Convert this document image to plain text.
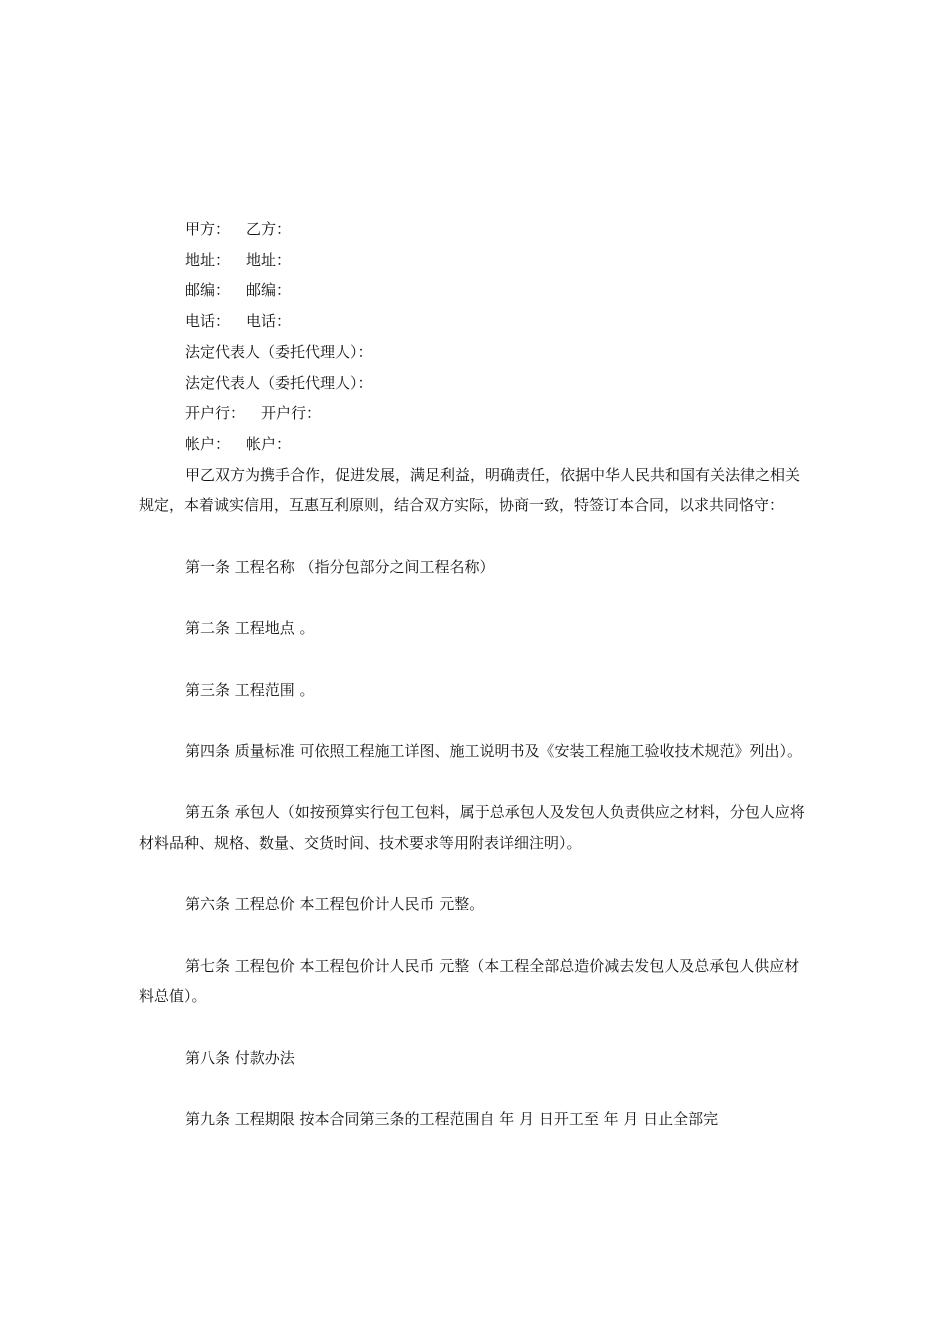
甲方： 乙方：
地址： 地址：
邮编： 邮编：
电话： 电话：
法定代表人（委托代理人）：
法定代表人（委托代理人）：
开户行： 开户行：
帐户： 帐户：
甲乙双方为携手合作，促进发展，满足利益，明确责任，依据中华人民共和国有关法律之相关规定，本着诚实信用，互惠互利原则，结合双方实际，协商一致，特签订本合同，以求共同恪守：
第一条 工程名称 （指分包部分之间工程名称）
第二条 工程地点 。
第三条 工程范围 。
第四条 质量标准 可依照工程施工详图、施工说明书及《安装工程施工验收技术规范》列出）。
第五条 承包人（如按预算实行包工包料，属于总承包人及发包人负责供应之材料，分包人应将材料品种、规格、数量、交货时间、技术要求等用附表详细注明）。
第六条 工程总价 本工程包价计人民币 元整。
第七条 工程包价 本工程包价计人民币 元整（本工程全部总造价减去发包人及总承包人供应材料总值）。
第八条 付款办法
第九条 工程期限 按本合同第三条的工程范围自 年 月 日开工至 年 月 日止全部完
